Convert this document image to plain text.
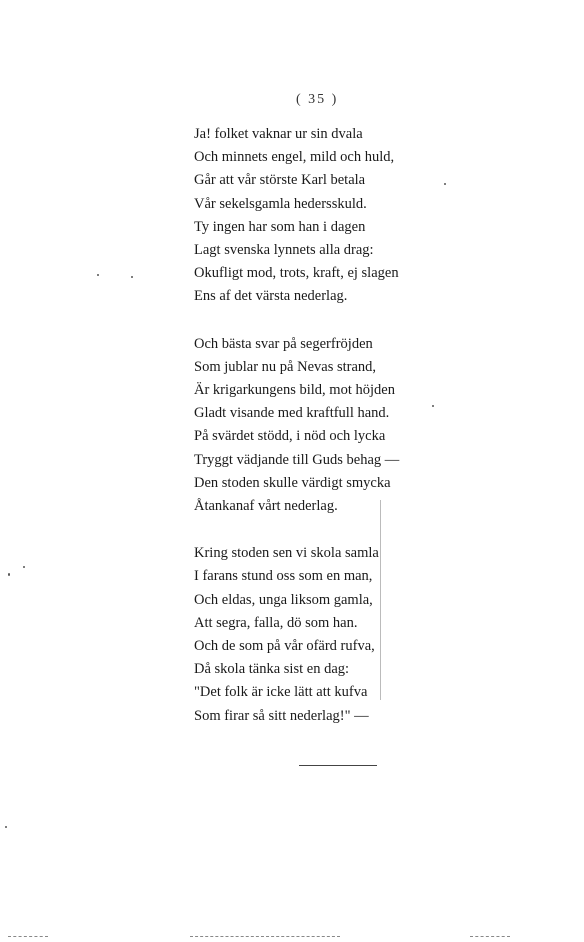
( 35 )
Ja! folket vaknar ur sin dvala
Och minnets engel, mild och huld,
Går att vår störste Karl betala
Vår sekelsgamla hedersskuld.
Ty ingen har som han i dagen
Lagt svenska lynnets alla drag:
Okufligt mod, trots, kraft, ej slagen
Ens af det värsta nederlag.
Och bästa svar på segerfröjden
Som jublar nu på Nevas strand,
Är krigarkungens bild, mot höjden
Gladt visande med kraftfull hand.
På svärdet stödd, i nöd och lycka
Tryggt vädjande till Guds behag —
Den stoden skulle värdigt smycka
Åtankanaf vårt nederlag.
Kring stoden sen vi skola samla
I farans stund oss som en man,
Och eldas, unga liksom gamla,
Att segra, falla, dö som han.
Och de som på vår ofärd rufva,
Då skola tänka sist en dag:
"Det folk är icke lätt att kufva
Som firar så sitt nederlag!" —
